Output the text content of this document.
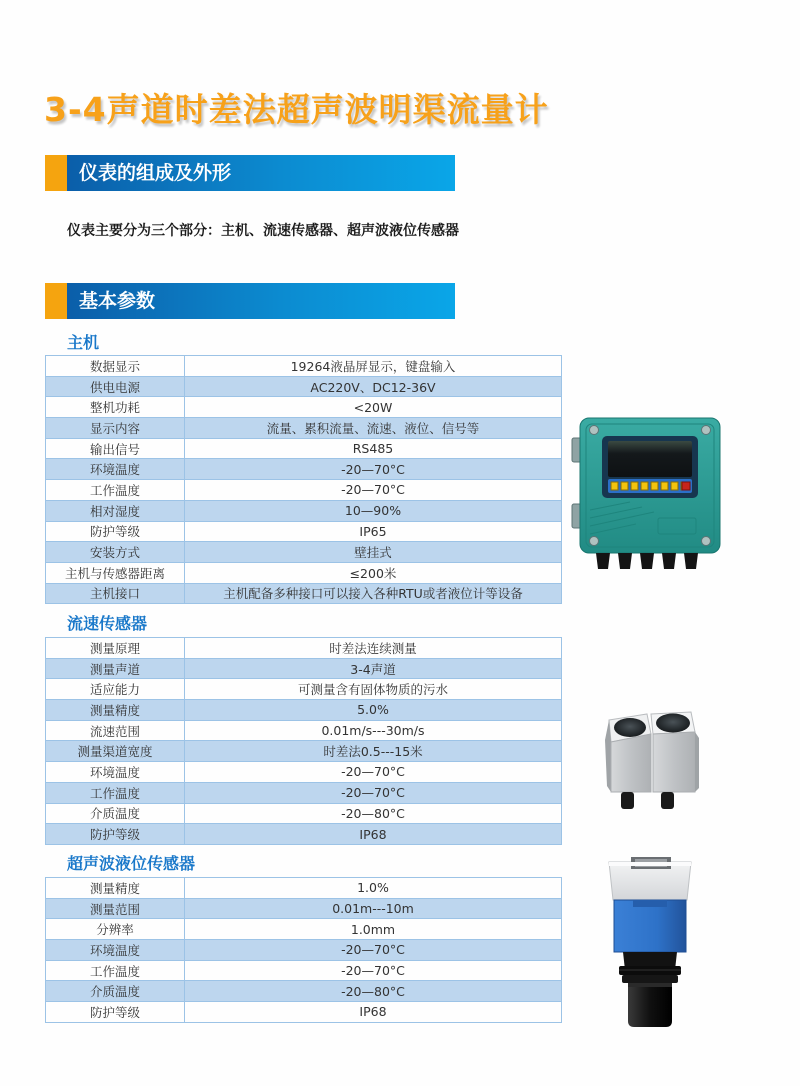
3-4声道时差法超声波明渠流量计
仪表的组成及外形

仪表主要分为三个部分：主机、流速传感器、超声波液位传感器

基本参数
主机
数据显示	19264液晶屏显示，键盘输入
供电电源	AC220V、DC12-36V
整机功耗	<20W
显示内容	流量、累积流量、流速、液位、信号等
输出信号	RS485
环境温度	-20—70°C
工作温度	-20—70°C
相对湿度	10—90%
防护等级	IP65
安装方式	壁挂式
主机与传感器距离	≤200米
主机接口	主机配备多种接口可以接入各种RTU或者液位计等设备
流速传感器
测量原理	时差法连续测量
测量声道	3-4声道
适应能力	可测量含有固体物质的污水
测量精度	5.0%
流速范围	0.01m/s---30m/s
测量渠道宽度	时差法0.5---15米
环境温度	-20—70°C
工作温度	-20—70°C
介质温度	-20—80°C
防护等级	IP68
超声波液位传感器
测量精度	1.0%
测量范围	0.01m---10m
分辨率	1.0mm
环境温度	-20—70°C
工作温度	-20—70°C
介质温度	-20—80°C
防护等级	IP68
